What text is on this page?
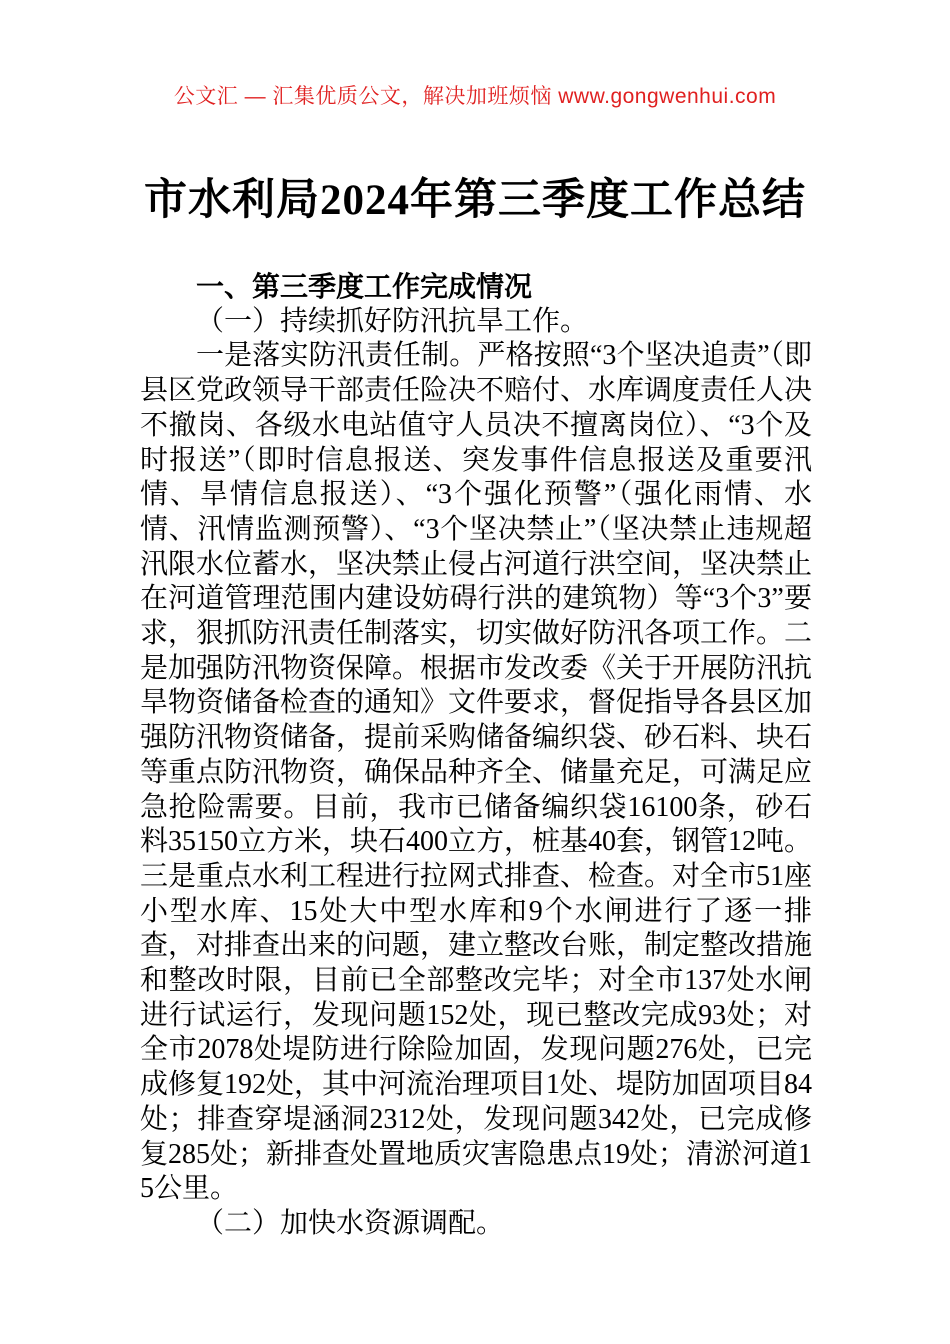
公文汇 — 汇集优质公文，解决加班烦恼 www.gongwenhui.com
市水利局2024年第三季度工作总结

一、第三季度工作完成情况

（一）持续抓好防汛抗旱工作。

一是落实防汛责任制。严格按照“3个坚决追责”（即县区党政领导干部责任险决不赔付、水库调度责任人决不撤岗、各级水电站值守人员决不擅离岗位）、“3个及时报送”（即时信息报送、突发事件信息报送及重要汛情、旱情信息报送）、“3个强化预警”（强化雨情、水情、汛情监测预警）、“3个坚决禁止”（坚决禁止违规超汛限水位蓄水，坚决禁止侵占河道行洪空间，坚决禁止在河道管理范围内建设妨碍行洪的建筑物）等“3个3”要求，狠抓防汛责任制落实，切实做好防汛各项工作。二是加强防汛物资保障。根据市发改委《关于开展防汛抗旱物资储备检查的通知》文件要求，督促指导各县区加强防汛物资储备，提前采购储备编织袋、砂石料、块石等重点防汛物资，确保品种齐全、储量充足，可满足应急抢险需要。目前，我市已储备编织袋16100条，砂石料35150立方米，块石400立方，桩基40套，钢管12吨。三是重点水利工程进行拉网式排查、检查。对全市51座小型水库、15处大中型水库和9个水闸进行了逐一排查，对排查出来的问题，建立整改台账，制定整改措施和整改时限，目前已全部整改完毕；对全市137处水闸进行试运行，发现问题152处，现已整改完成93处；对全市2078处堤防进行除险加固，发现问题276处，已完成修复192处，其中河流治理项目1处、堤防加固项目84处；排查穿堤涵洞2312处，发现问题342处，已完成修复285处；新排查处置地质灾害隐患点19处；清淤河道15公里。

（二）加快水资源调配。
